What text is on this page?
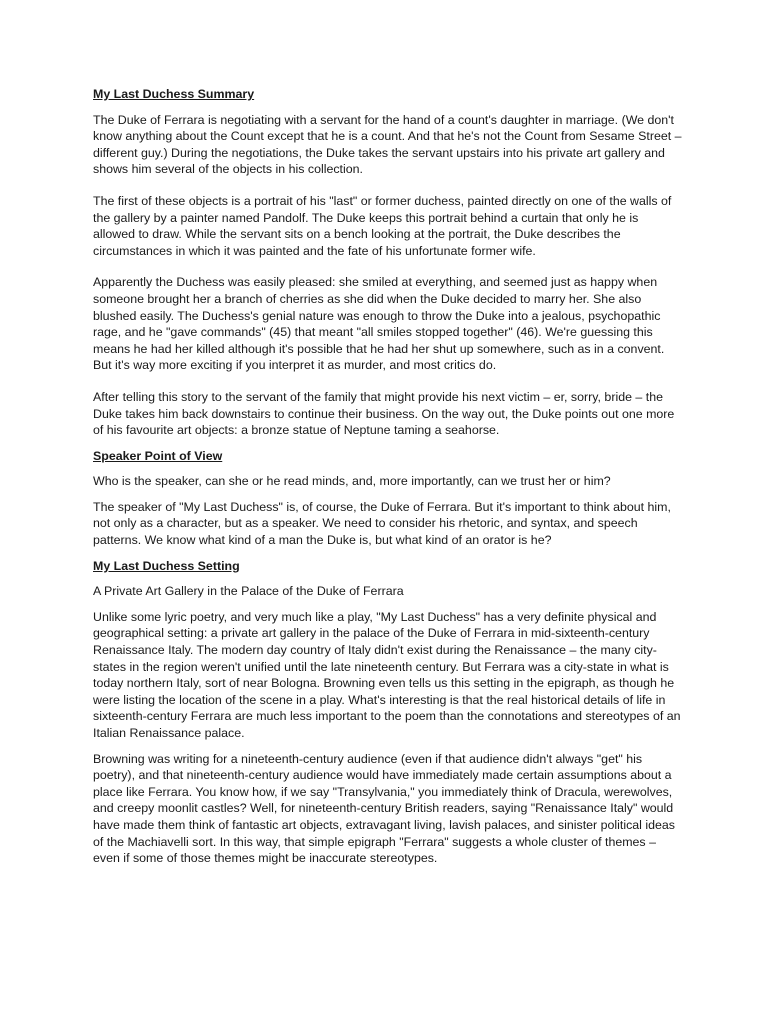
My Last Duchess Summary

The Duke of Ferrara is negotiating with a servant for the hand of a count's daughter in marriage. (We don't know anything about the Count except that he is a count. And that he's not the Count from Sesame Street – different guy.) During the negotiations, the Duke takes the servant upstairs into his private art gallery and shows him several of the objects in his collection.

The first of these objects is a portrait of his "last" or former duchess, painted directly on one of the walls of the gallery by a painter named Pandolf. The Duke keeps this portrait behind a curtain that only he is allowed to draw. While the servant sits on a bench looking at the portrait, the Duke describes the circumstances in which it was painted and the fate of his unfortunate former wife.

Apparently the Duchess was easily pleased: she smiled at everything, and seemed just as happy when someone brought her a branch of cherries as she did when the Duke decided to marry her. She also blushed easily. The Duchess's genial nature was enough to throw the Duke into a jealous, psychopathic rage, and he "gave commands" (45) that meant "all smiles stopped together" (46). We're guessing this means he had her killed although it's possible that he had her shut up somewhere, such as in a convent. But it's way more exciting if you interpret it as murder, and most critics do.

After telling this story to the servant of the family that might provide his next victim – er, sorry, bride – the Duke takes him back downstairs to continue their business. On the way out, the Duke points out one more of his favourite art objects: a bronze statue of Neptune taming a seahorse.

Speaker Point of View

Who is the speaker, can she or he read minds, and, more importantly, can we trust her or him?

The speaker of "My Last Duchess" is, of course, the Duke of Ferrara. But it's important to think about him, not only as a character, but as a speaker. We need to consider his rhetoric, and syntax, and speech patterns. We know what kind of a man the Duke is, but what kind of an orator is he?

My Last Duchess Setting

A Private Art Gallery in the Palace of the Duke of Ferrara

Unlike some lyric poetry, and very much like a play, "My Last Duchess" has a very definite physical and geographical setting: a private art gallery in the palace of the Duke of Ferrara in mid-sixteenth-century Renaissance Italy. The modern day country of Italy didn't exist during the Renaissance – the many city-states in the region weren't unified until the late nineteenth century. But Ferrara was a city-state in what is today northern Italy, sort of near Bologna. Browning even tells us this setting in the epigraph, as though he were listing the location of the scene in a play. What's interesting is that the real historical details of life in sixteenth-century Ferrara are much less important to the poem than the connotations and stereotypes of an Italian Renaissance palace.

Browning was writing for a nineteenth-century audience (even if that audience didn't always "get" his poetry), and that nineteenth-century audience would have immediately made certain assumptions about a place like Ferrara. You know how, if we say "Transylvania," you immediately think of Dracula, werewolves, and creepy moonlit castles? Well, for nineteenth-century British readers, saying "Renaissance Italy" would have made them think of fantastic art objects, extravagant living, lavish palaces, and sinister political ideas of the Machiavelli sort. In this way, that simple epigraph "Ferrara" suggests a whole cluster of themes – even if some of those themes might be inaccurate stereotypes.
